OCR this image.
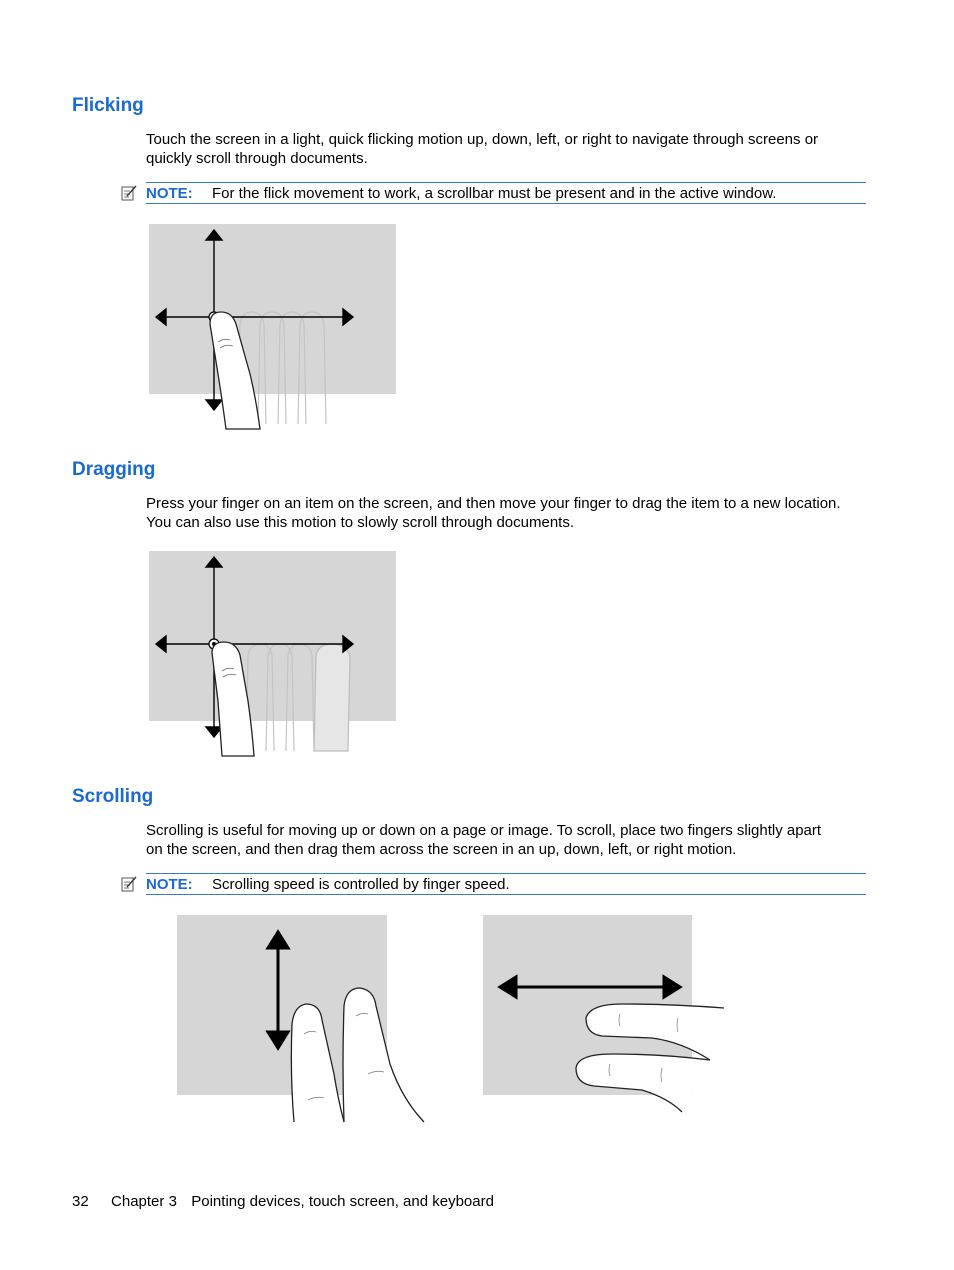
Flicking
Touch the screen in a light, quick flicking motion up, down, left, or right to navigate through screens or
quickly scroll through documents.
NOTE: For the flick movement to work, a scrollbar must be present and in the active window.
Dragging
Press your finger on an item on the screen, and then move your finger to drag the item to a new location.
You can also use this motion to slowly scroll through documents.
Scrolling
Scrolling is useful for moving up or down on a page or image. To scroll, place two fingers slightly apart
on the screen, and then drag them across the screen in an up, down, left, or right motion.
NOTE: Scrolling speed is controlled by finger speed.
32 Chapter 3 Pointing devices, touch screen, and keyboard
